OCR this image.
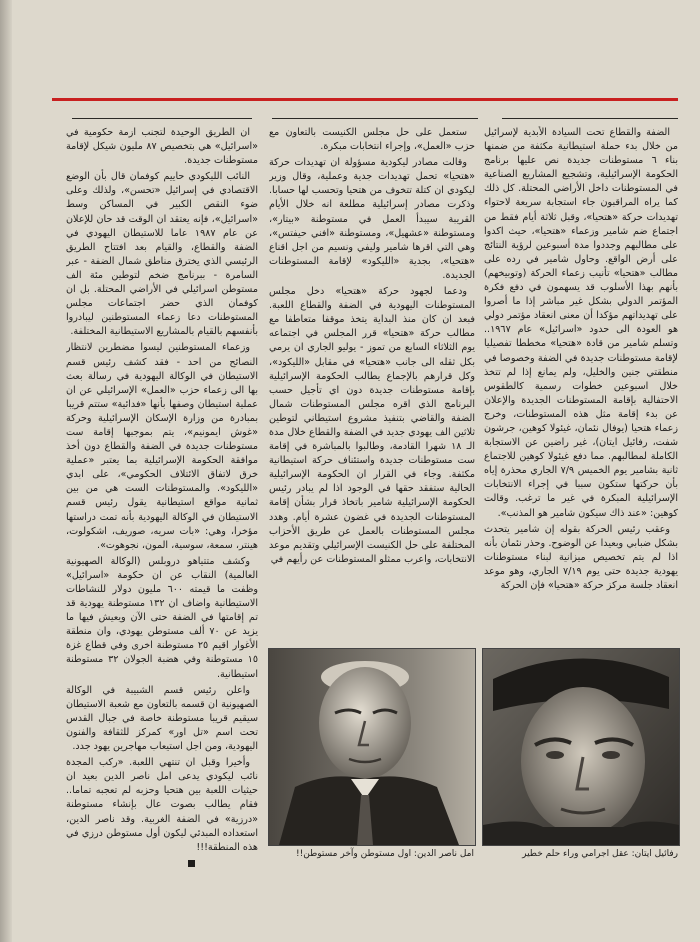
الضفة والقطاع تحت السيادة الأبدية لإسرائيل من خلال بدء حملة استيطانية مكثفة من ضمنها بناء ٦ مستوطنات جديدة نص عليها برنامج الحكومة الإسرائيلية، وتشجيع المشاريع الصناعية في المستوطنات داخل الأراضي المحتلة. كل ذلك كما يراه المراقبون جاء استجابة سريعة لاحتواء تهديدات حركة «هتحيا»، وقبل ثلاثة أيام فقط من اجتماع ضم شامير وزعماء «هتحيا»، حيث اكدوا على مطالبهم وجددوا مدة أسبوعين لرؤية النتائج على أرض الواقع. وحاول شامير في رده على مطالب «هتحيا» تأنيب زعماء الحركة (وتوبيخهم) بأنهم بهذا الأسلوب قد يسهمون في دفع فكرة المؤتمر الدولي بشكل غير مباشر إذا ما أصروا على تهديداتهم مؤكدا أن معنى انعقاد مؤتمر دولي هو العودة الى حدود «اسرائيل» عام ١٩٦٧.. وتسلم شامير من قادة «هتحيا» مخططا تفصيليا لإقامة مستوطنات جديدة في الضفة وخصوصا في منطقتي جنين والخليل، ولم يمانع إذا لم تتخذ خلال اسبوعين خطوات رسمية كالطقوس الاحتفالية بإقامة المستوطنات الجديدة والإعلان عن بدء إقامة مثل هذه المستوطنات، وخرج زعماء هتحيا (يوفال نئمان، غيئولا كوهين، جرشون شفت، رفائيل ايتان)، غير راضين عن الاستجابة الكاملة لمطالبهم. مما دفع غيئولا كوهين للاجتماع ثانية بشامير يوم الخميس ٧/٩ الجاري محذرة إياه بأن حركتها ستكون سببا في إجراء الانتخابات الإسرائيلية المبكرة في غير ما ترغب. وقالت كوهين: «عند ذاك سيكون شامير هو المذنب».

وعقب رئيس الحركة بقوله إن شامير يتحدث بشكل ضبابي وبعيدا عن الوضوح. وحذر نئمان بأنه اذا لم يتم تخصيص ميزانية لبناء مستوطنات يهودية جديدة حتى يوم ٧/١٩ الجاري، وهو موعد انعقاد جلسة مركز حركة «هتحيا» فإن الحركة

ستعمل على حل مجلس الكنيست بالتعاون مع حزب «العمل»، وإجراء انتخابات مبكرة.

وقالت مصادر ليكودية مسؤولة ان تهديدات حركة «هتحيا» تحمل تهديدات جدية وعملية، وقال وزير ليكودي ان كتلة تتخوف من هتحيا وتحسب لها حسابا. وذكرت مصادر إسرائيلية مطلعة انه خلال الأيام القريبة سيبدأ العمل في مستوطنة «بيتار»، ومستوطنة «عشهيل»، ومستوطنة «افني حيفتس»، وهي التي اقرها شامير وليفي ونسيم من اجل اقناع «هتحيا»، بجدية «الليكود» لإقامة المستوطنات الجديدة.

ودعما لجهود حركة «هتحيا» دخل مجلس المستوطنات اليهودية في الضفة والقطاع اللعبة. فبعد ان كان منذ البداية يتخذ موقفا متعاطفا مع مطالب حركة «هتحيا» قرر المجلس في اجتماعه يوم الثلاثاء السابع من تموز - يوليو الجاري ان يرمي بكل ثقله الى جانب «هتحيا» في مقابل «الليكود»، وكل قرارهم بالإجماع يطالب الحكومة الإسرائيلية بإقامة مستوطنات جديدة دون اي تأجيل حسب البرنامج الذي اقره مجلس المستوطنات شمال الضفة والقاضي بتنفيذ مشروع استيطاني لتوطين ثلاثين الف يهودي جديد في الضفة والقطاع خلال مدة الـ ١٨ شهرا القادمة، وطالبوا بالمباشرة في إقامة ست مستوطنات جديدة واستئناف حركة استيطانية مكثفة. وجاء في القرار ان الحكومة الإسرائيلية الحالية ستفقد حقها في الوجود اذا لم يبادر رئيس الحكومة الإسرائيلية شامير باتخاذ قرار بشأن إقامة المستوطنات الجديدة في غضون عشرة أيام. وهدد مجلس المستوطنات بالعمل عن طريق الأحزاب المختلفة على حل الكنيست الإسرائيلي وتقديم موعد الانتخابات، واعرب ممثلو المستوطنات عن رأيهم في

ان الطريق الوحيدة لتجنب ازمة حكومية في «اسرائيل» هي بتخصيص ٨٧ مليون شيكل لإقامة مستوطنات جديدة.

النائب الليكودي حاييم كوفمان قال بأن الوضع الاقتصادي في إسرائيل «تحسن»، ولذلك وعلى ضوء النقص الكبير في المساكن وسط «اسرائيل»، فإنه يعتقد ان الوقت قد حان للإعلان عن عام ١٩٨٧ عاما للاستيطان اليهودي في الضفة والقطاع، والقيام بعد افتتاح الطريق الرئيسي الذي يخترق مناطق شمال الضفة - عبر السامرة - ببرنامج ضخم لتوطين مئة الف مستوطن اسرائيلي في الأراضي المحتلة. بل ان كوفمان الذي حضر اجتماعات مجلس المستوطنات دعا زعماء المستوطنين ليبادروا بأنفسهم بالقيام بالمشاريع الاستيطانية المختلفة.

وزعماء المستوطنين ليسوا مضطرين لانتظار النصائح من احد - فقد كشف رئيس قسم الاستيطان في الوكالة اليهودية في رسالة بعث بها الى زعماء حزب «العمل» الإسرائيلي عن ان عملية استيطان وصفها بأنها «فدائية» ستتم قريبا بمبادرة من وزارة الإسكان الإسرائيلية وحركة «غوش ايمونيم»، يتم بموجبها إقامة ست مستوطنات جديدة في الضفة والقطاع دون أخذ موافقة الحكومة الإسرائيلية بما يعتبر «عملية خرق لاتفاق الائتلاف الحكومي»، على ابدي «الليكود». والمستوطنات الست هي من بين ثمانية مواقع استيطانية يقول رئيس قسم الاستيطان في الوكالة اليهودية بأنه تمت دراستها مؤخرا، وهي: «بات سريه، صوريف، اشكولوت، هينتر، سمعة، سوسية، المون، نجوهوت».

وكشف متتياهو دروبلس (الوكالة الصهيونية العالمية) النقاب عن ان حكومة «اسرائيل» وظفت ما قيمته ٦٠٠ مليون دولار للنشاطات الاستيطانية واضاف ان ١٣٢ مستوطنة يهودية قد تم إقامتها في الضفة حتى الآن ويعيش فيها ما يزيد عن ٧٠ ألف مستوطن يهودي، وان منطقة الأغوار اقيم ٢٥ مستوطنة اخرى وفي قطاع غزة ١٥ مستوطنة وفي هضبة الجولان ٣٢ مستوطنة استيطانية.

واعلن رئيس قسم الشبيبة في الوكالة الصهيونية ان قسمه بالتعاون مع شعبة الاستيطان سيقيم قريبا مستوطنة خاصة في جبال القدس تحت اسم «تل اور» كمركز للثقافة والفنون اليهودية، ومن اجل استيعاب مهاجرين يهود جدد.

وأخيرا وقبل ان تنتهي اللعبة. «ركب المجدة نائب ليكودي يدعى امل ناصر الدين بعيد ان حيثيات اللعبة بين هتحيا وحزبه لم تعجبه تماما.. فقام يطالب بصوت عال بإنشاء مستوطنة «درزية» في الضفة الغربية. وقد ناصر الدين، استعداده المبدئي ليكون أول مستوطن درزي في هذه المنطقة!!!

رفائيل ايتان: عقل اجرامي وراء حلم خطير
امل ناصر الدين: اول مستوطن وآخر مستوطن!!
